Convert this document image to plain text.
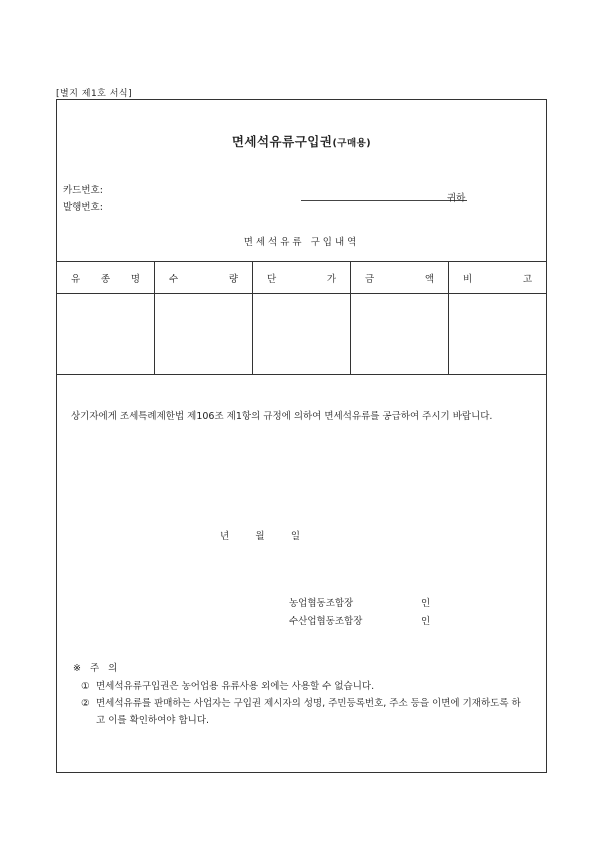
[별지 제1호 서식]
면세석유류구입권(구매용)
카드번호:
발행번호:
귀하
면세석유류 구입내역
유 종 명	수 량	단 가	금 액	비 고

상기자에게 조세특례제한법 제106조 제1항의 규정에 의하여 면세석유류를 공급하여 주시기 바랍니다.
년	월	일
농업협동조합장	인
수산업협동조합장	인
※ 주 의
① 면세석유류구입권은 농어업용 유류사용 외에는 사용할 수 없습니다.
② 면세석유류를 판매하는 사업자는 구입권 제시자의 성명, 주민등록번호, 주소 등을 이면에 기재하도록 하고 이를 확인하여야 합니다.
